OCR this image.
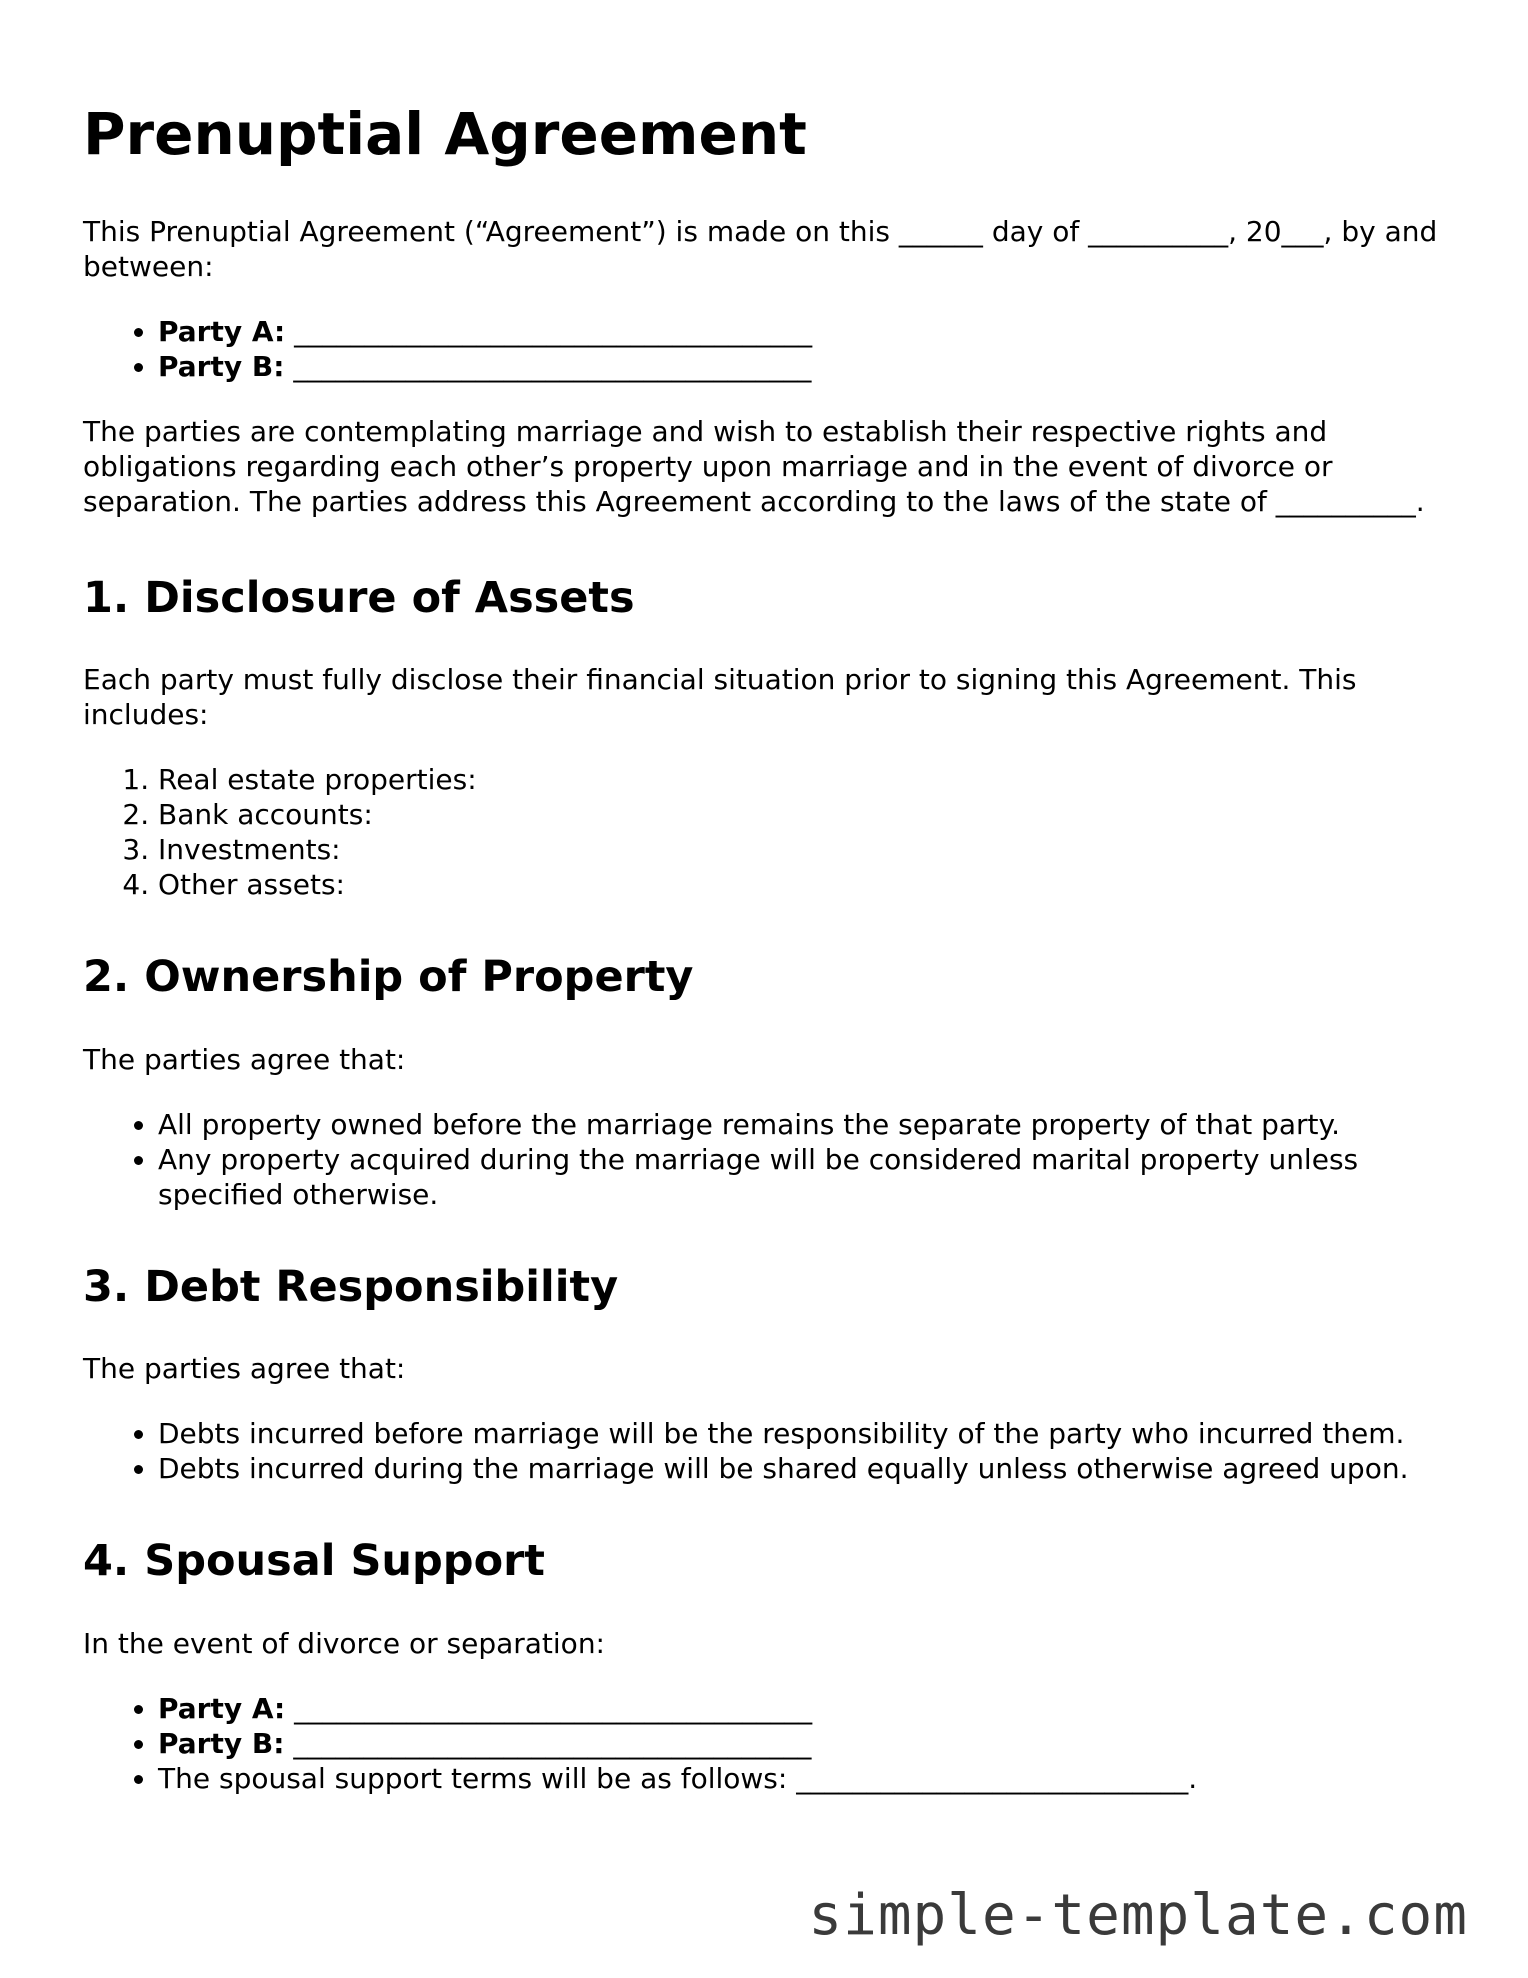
Prenuptial Agreement

This Prenuptial Agreement (“Agreement”) is made on this ______ day of __________, 20___, by and between:

• Party A: _____________________________________
• Party B: _____________________________________

The parties are contemplating marriage and wish to establish their respective rights and obligations regarding each other’s property upon marriage and in the event of divorce or separation. The parties address this Agreement according to the laws of the state of __________.

1. Disclosure of Assets

Each party must fully disclose their financial situation prior to signing this Agreement. This includes:

1. Real estate properties:
2. Bank accounts:
3. Investments:
4. Other assets:
2. Ownership of Property

The parties agree that:

• All property owned before the marriage remains the separate property of that party.
• Any property acquired during the marriage will be considered marital property unless specified otherwise.
3. Debt Responsibility

The parties agree that:

• Debts incurred before marriage will be the responsibility of the party who incurred them.
• Debts incurred during the marriage will be shared equally unless otherwise agreed upon.
4. Spousal Support

In the event of divorce or separation:

• Party A: _____________________________________
• Party B: _____________________________________
• The spousal support terms will be as follows: ____________________________.
simple-template.com
